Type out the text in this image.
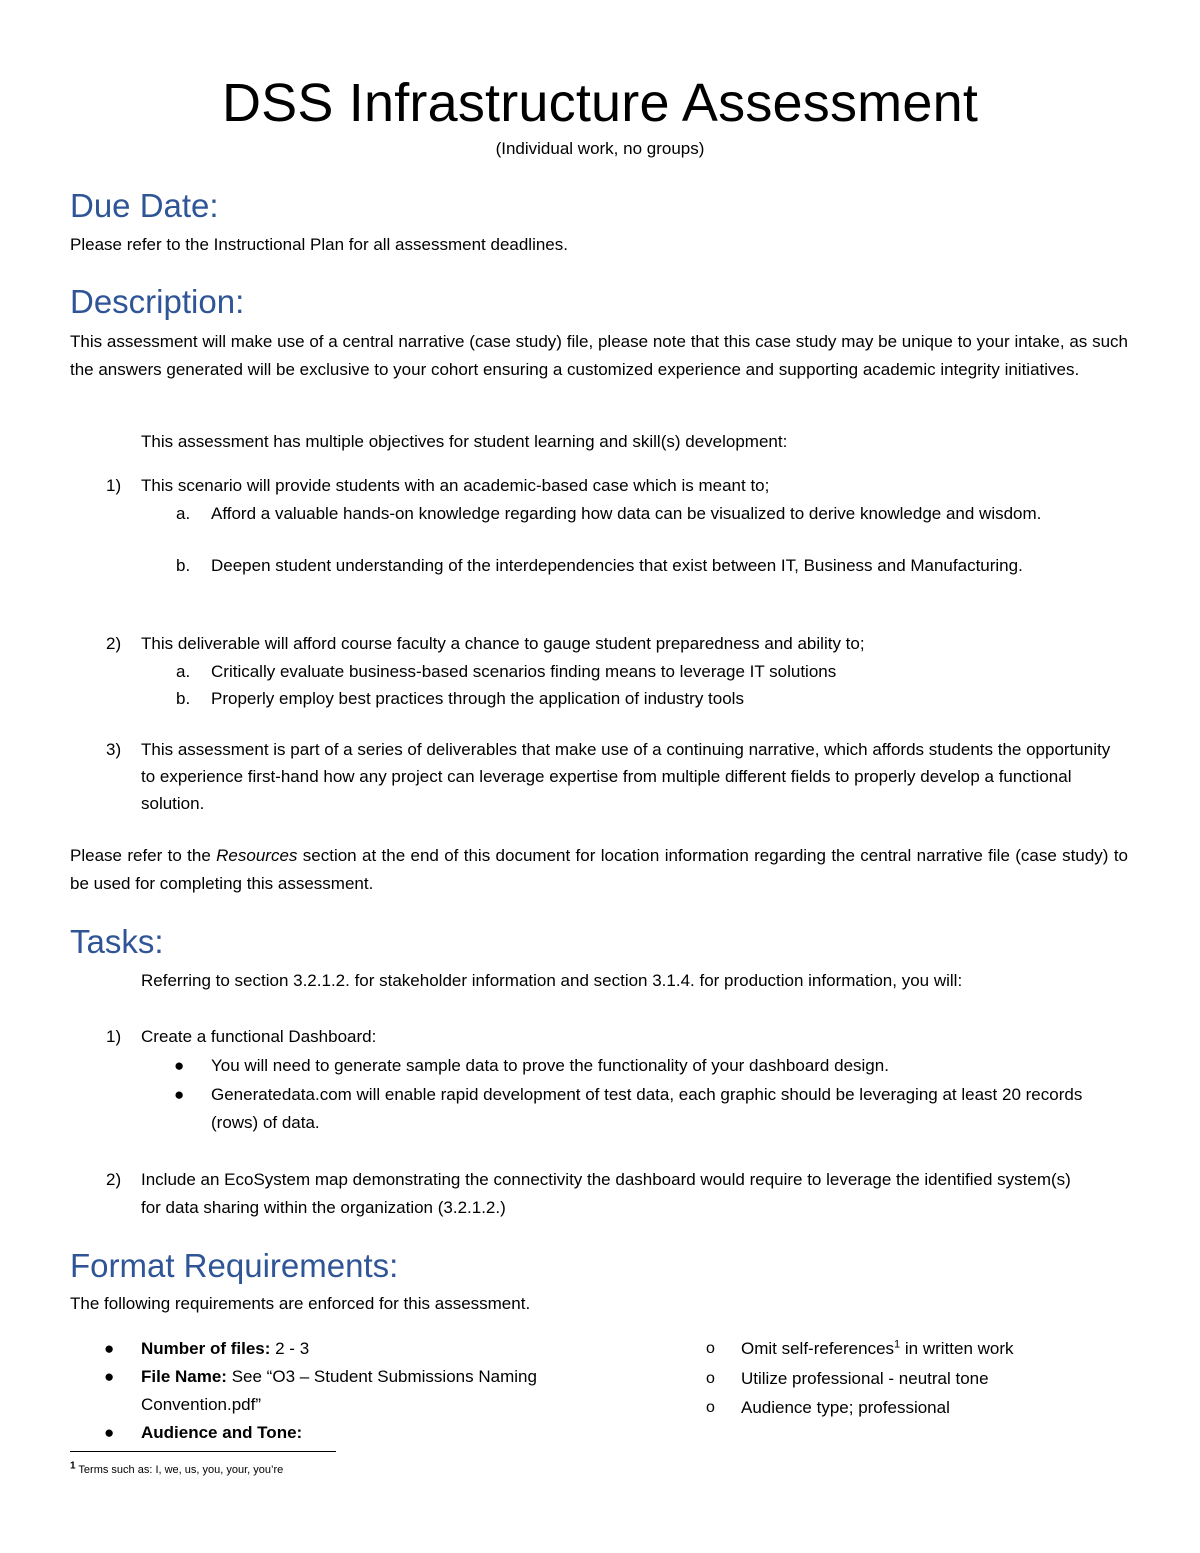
DSS Infrastructure Assessment
(Individual work, no groups)
Due Date:
Please refer to the Instructional Plan for all assessment deadlines.
Description:
This assessment will make use of a central narrative (case study) file, please note that this case study may be unique to your intake, as such the answers generated will be exclusive to your cohort ensuring a customized experience and supporting academic integrity initiatives.
This assessment has multiple objectives for student learning and skill(s) development:
1) This scenario will provide students with an academic-based case which is meant to;
a. Afford a valuable hands-on knowledge regarding how data can be visualized to derive knowledge and wisdom.
b. Deepen student understanding of the interdependencies that exist between IT, Business and Manufacturing.
2) This deliverable will afford course faculty a chance to gauge student preparedness and ability to;
a. Critically evaluate business-based scenarios finding means to leverage IT solutions
b. Properly employ best practices through the application of industry tools
3) This assessment is part of a series of deliverables that make use of a continuing narrative, which affords students the opportunity to experience first-hand how any project can leverage expertise from multiple different fields to properly develop a functional solution.
Please refer to the Resources section at the end of this document for location information regarding the central narrative file (case study) to be used for completing this assessment.
Tasks:
Referring to section 3.2.1.2. for stakeholder information and section 3.1.4. for production information, you will:
1) Create a functional Dashboard:
● You will need to generate sample data to prove the functionality of your dashboard design.
● Generatedata.com will enable rapid development of test data, each graphic should be leveraging at least 20 records (rows) of data.
2) Include an EcoSystem map demonstrating the connectivity the dashboard would require to leverage the identified system(s) for data sharing within the organization (3.2.1.2.)
Format Requirements:
The following requirements are enforced for this assessment.
● Number of files: 2 - 3
● File Name: See “O3 – Student Submissions Naming Convention.pdf”
● Audience and Tone:
o Omit self-references$^1$ in written work
o Utilize professional - neutral tone
o Audience type; professional
$^1$ Terms such as: I, we, us, you, your, you’re
